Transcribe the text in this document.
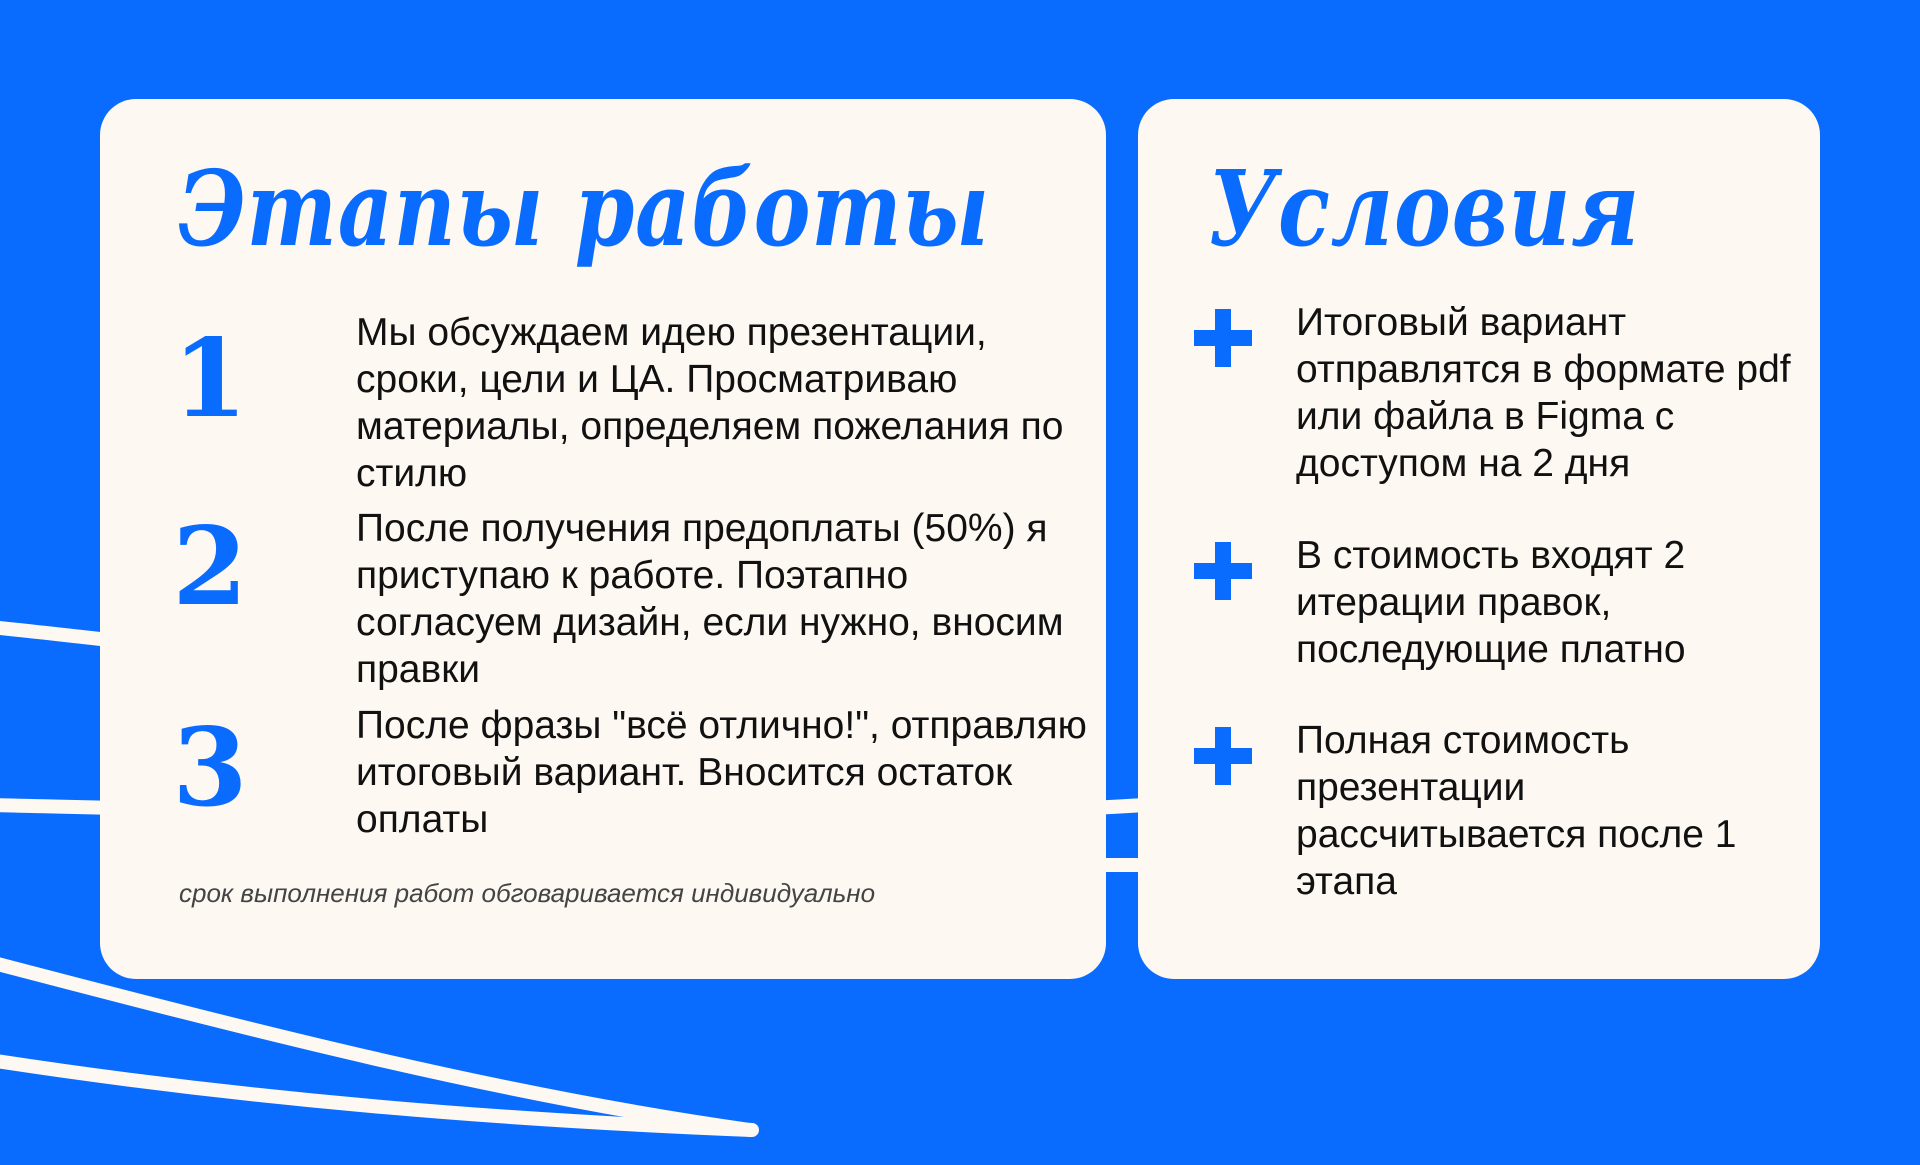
Этапы работы
1	Мы обсуждаем идею презентации, сроки, цели и ЦА. Просматриваю материалы, определяем пожелания по стилю

2	После получения предоплаты (50%) я приступаю к работе. Поэтапно согласуем дизайн, если нужно, вносим правки

3	После фразы "всё отлично!", отправляю итоговый вариант. Вносится остаток оплаты

срок выполнения работ обговаривается индивидуально

Условия

Итоговый вариант отправлятся в формате pdf или файла в Figma с доступом на 2 дня

В стоимость входят 2 итерации правок, последующие платно

Полная стоимость презентации рассчитывается после 1 этапа
